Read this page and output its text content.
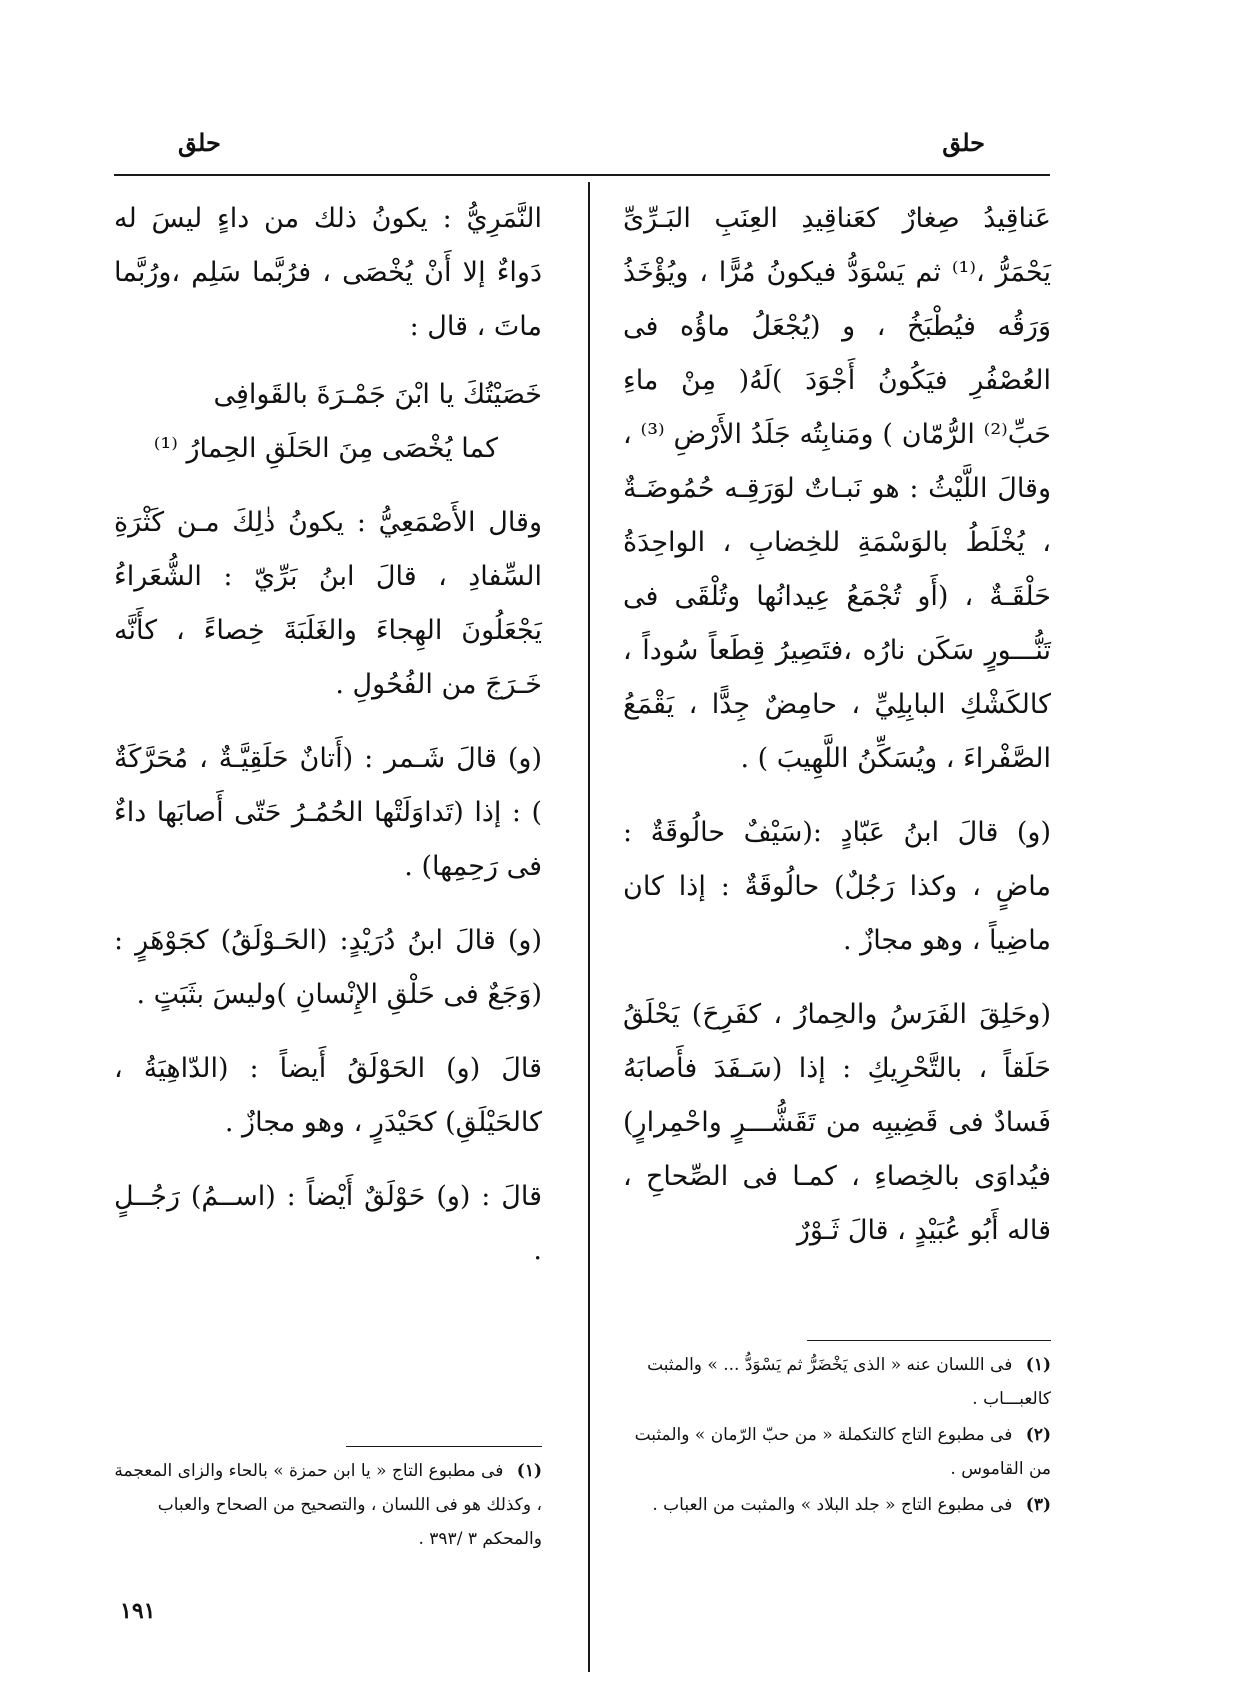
حلق
حلق

عَناقِيدُ صِغارٌ كعَناقِيدِ العِنَبِ البَـرِّىِّ يَحْمَرُّ ،⁽¹⁾ ثم يَسْوَدُّ فيكونُ مُرًّا ، ويُؤْخَذُ وَرَقُه فيُطْبَخُ ، و (يُجْعَلُ ماؤُه فى العُصْفُرِ فيَكُونُ أَجْوَدَ )لَهُ( مِنْ ماءِ حَبِّ⁽²⁾ الرُّمّان ) ومَنابِتُه جَلَدُ الأَرْضِ ⁽³⁾ ، وقالَ اللَّيْثُ : هو نَبـاتٌ لوَرَقِـه حُمُوضَـةٌ ، يُخْلَطُ بالوَسْمَةِ للخِضابِ ، الواحِدَةُ حَلْقَـةٌ ، (أَو تُجْمَعُ عِيدانُها وتُلْقَى فى تَنُّـــورٍ سَكَن نارُه ،فتَصِيرُ قِطَعاً سُوداً ، كالكَشْكِ البابِلِيِّ ، حامِضٌ جِدًّا ، يَقْمَعُ الصَّفْراءَ ، ويُسَكِّنُ اللَّهِيبَ ) .

(و) قالَ ابنُ عَبّادٍ :(سَيْفٌ حالُوقَةٌ : ماضٍ ، وكذا رَجُلٌ) حالُوقَةٌ : إذا كان ماضِياً ، وهو مجازٌ .

(وحَلِقَ الفَرَسُ والحِمارُ ، كفَرِحَ) يَحْلَقُ حَلَقاً ، بالتَّحْرِيكِ : إذا (سَـفَدَ فأَصابَهُ فَسادٌ فى قَضِيبِه من تَقَشُّـــرٍ واحْمِرارٍ) فيُداوَى بالخِصاءِ ، كمـا فى الصِّحاحِ ، قاله أَبُو عُبَيْدٍ ، قالَ ثَـوْرٌ

النَّمَرِيُّ : يكونُ ذلك من داءٍ ليسَ له دَواءٌ إلا أَنْ يُخْصَى ، فرُبَّما سَلِم ،ورُبَّما ماتَ ، قال :

خَصَيْتُكَ يا ابْنَ جَمْـرَةَ بالقَوافِى
كما يُخْصَى مِنَ الحَلَقِ الحِمارُ ⁽¹⁾

وقال الأَصْمَعِيُّ : يكونُ ذٰلِكَ مـن كَثْرَةِ السِّفادِ ، قالَ ابنُ بَرِّيّ : الشُّعَراءُ يَجْعَلُونَ الهِجاءَ والغَلَبَةَ خِصاءً ، كأَنَّه خَـرَجَ من الفُحُولِ .

(و) قالَ شَـمر : (أَتانٌ حَلَقِيَّـةٌ ، مُحَرَّكَةٌ ) : إذا (تَداوَلَتْها الحُمُـرُ حَتّى أَصابَها داءٌ فى رَحِمِها) .

(و) قالَ ابنُ دُرَيْدٍ: (الحَـوْلَقُ) كجَوْهَرٍ : (وَجَعٌ فى حَلْقِ الإِنْسانِ )وليسَ بثَبَتٍ .

قالَ (و) الحَوْلَقُ أَيضاً : (الدّاهِيَةُ ، كالحَيْلَقِ) كحَيْدَرٍ ، وهو مجازٌ .

قالَ : (و) حَوْلَقٌ أَيْضاً : (اســمُ) رَجُــلٍ .

(١) فى اللسان عنه « الذى يَخْضَرُّ ثم يَسْوَدُّ ... » والمثبت كالعبـــاب .

(٢) فى مطبوع التاج كالتكملة « من حبّ الرّمان » والمثبت من القاموس .

(٣) فى مطبوع التاج « جلد البلاد » والمثبت من العباب .

(١) فى مطبوع التاج « يا ابن حمزة » بالحاء والزاى المعجمة ، وكذلك هو فى اللسان ، والتصحيح من الصحاح والعباب والمحكم ٣ /٣٩٣ .

١٩١
